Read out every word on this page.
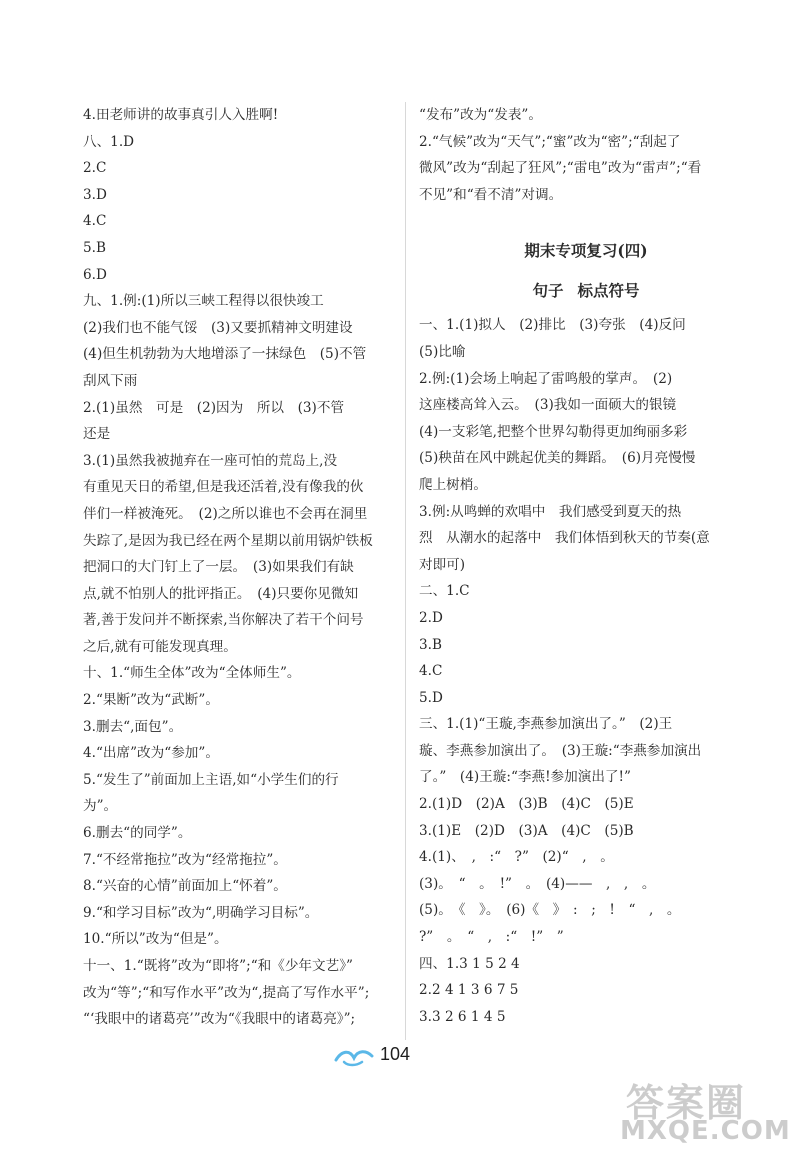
4.田老师讲的故事真引人入胜啊!
八、1.D
2.C
3.D
4.C
5.B
6.D
九、1.例:(1)所以三峡工程得以很快竣工
(2)我们也不能气馁　(3)又要抓精神文明建设
(4)但生机勃勃为大地增添了一抹绿色　(5)不管
刮风下雨
2.(1)虽然　可是　(2)因为　所以　(3)不管
还是
3.(1)虽然我被抛弃在一座可怕的荒岛上,没
有重见天日的希望,但是我还活着,没有像我的伙
伴们一样被淹死。　(2)之所以谁也不会再在洞里
失踪了,是因为我已经在两个星期以前用锅炉铁板
把洞口的大门钉上了一层。　(3)如果我们有缺
点,就不怕别人的批评指正。　(4)只要你见微知
著,善于发问并不断探索,当你解决了若干个问号
之后,就有可能发现真理。
十、1.“师生全体”改为“全体师生”。
2.“果断”改为“武断”。
3.删去“,面包”。
4.“出席”改为“参加”。
5.“发生了”前面加上主语,如“小学生们的行
为”。
6.删去“的同学”。
7.“不经常拖拉”改为“经常拖拉”。
8.“兴奋的心情”前面加上“怀着”。
9.“和学习目标”改为“,明确学习目标”。
10.“所以”改为“但是”。
十一、1.“既将”改为“即将”;“和《少年文艺》”
改为“等”;“和写作水平”改为“,提高了写作水平”;
“‘我眼中的诸葛亮’”改为“《我眼中的诸葛亮》”;
“发布”改为“发表”。
2.“气候”改为“天气”;“蜜”改为“密”;“刮起了
微风”改为“刮起了狂风”;“雷电”改为“雷声”;“看
不见”和“看不清”对调。
期末专项复习(四)
句子 标点符号
一、1.(1)拟人　(2)排比　(3)夸张　(4)反问
(5)比喻
2.例:(1)会场上响起了雷鸣般的掌声。　(2)
这座楼高耸入云。　(3)我如一面硕大的银镜
(4)一支彩笔,把整个世界勾勒得更加绚丽多彩
(5)秧苗在风中跳起优美的舞蹈。　(6)月亮慢慢
爬上树梢。
3.例:从鸣蝉的欢唱中　我们感受到夏天的热
烈　从潮水的起落中　我们体悟到秋天的节奏(意
对即可)
二、1.C
2.D
3.B
4.C
5.D
三、1.(1)“王璇,李燕参加演出了。”　(2)王
璇、李燕参加演出了。　(3)王璇:“李燕参加演出
了。”　(4)王璇:“李燕!参加演出了!”
2.(1)D　(2)A　(3)B　(4)C　(5)E
3.(1)E　(2)D　(3)A　(4)C　(5)B
4.(1)、　,　:“　?”　(2)“　,　。
(3)。　“　。　!”　。　(4)——　,　,　。
(5)。　《　》。　(6)《　》　:　;　!　“　,　。
?”　。　“　,　:“　!”　”
四、1.3 1 5 2 4
2.2 4 1 3 6 7 5
3.3 2 6 1 4 5
104
答案圈
MXQE.COM
